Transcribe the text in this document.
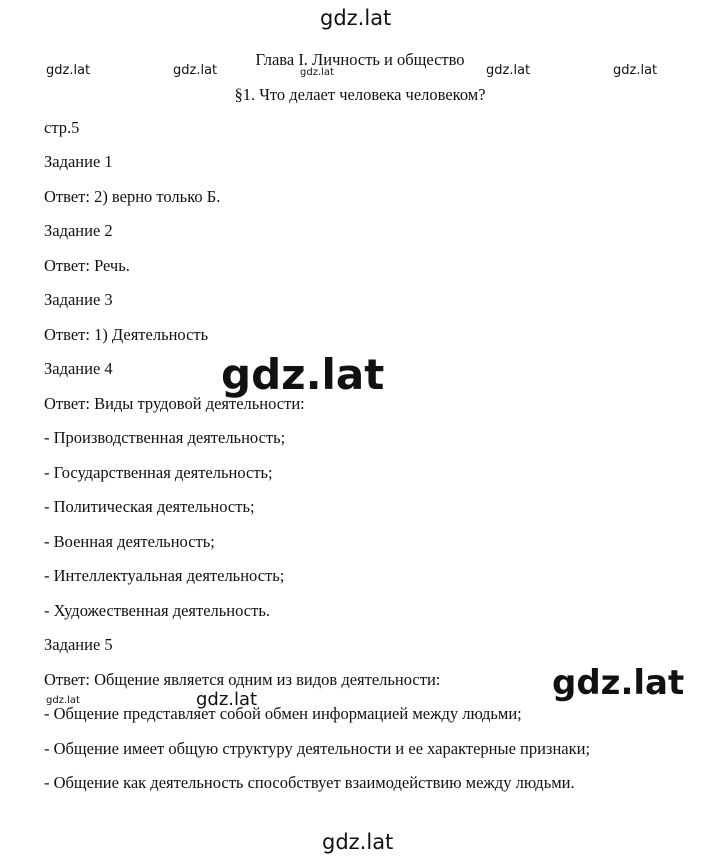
gdz.lat
Глава I. Личность и общество
gdz.lat	gdz.lat	gdz.lat	gdz.lat	gdz.lat
§1. Что делает человека человеком?
стр.5
Задание 1
Ответ: 2) верно только Б.
Задание 2
Ответ: Речь.
Задание 3
Ответ: 1) Деятельность
Задание 4
Ответ: Виды трудовой деятельности:
- Производственная деятельность;
- Государственная деятельность;
- Политическая деятельность;
- Военная деятельность;
- Интеллектуальная деятельность;
- Художественная деятельность.
Задание 5
Ответ: Общение является одним из видов деятельности:
- Общение представляет собой обмен информацией между людьми;
- Общение имеет общую структуру деятельности и ее характерные признаки;
- Общение как деятельность способствует взаимодействию между людьми.
gdz.lat
gdz.lat
gdz.lat	gdz.lat
gdz.lat
